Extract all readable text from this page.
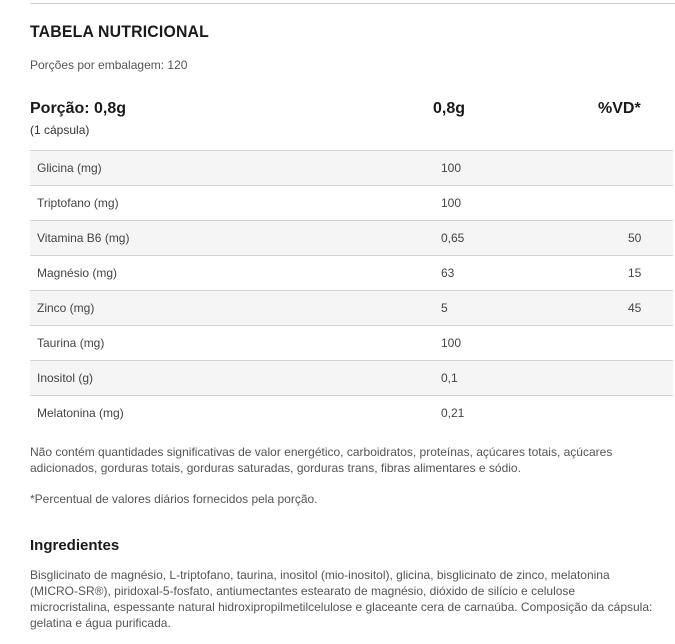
TABELA NUTRICIONAL
Porções por embalagem: 120
Porção: 0,8g
(1 cápsula)
0,8g	%VD*
Glicina (mg)	100
Triptofano (mg)	100
Vitamina B6 (mg)	0,65	50
Magnésio (mg)	63	15
Zinco (mg)	5	45
Taurina (mg)	100
Inositol (g)	0,1
Melatonina (mg)	0,21

Não contém quantidades significativas de valor energético, carboidratos, proteínas, açúcares totais, açúcares adicionados, gorduras totais, gorduras saturadas, gorduras trans, fibras alimentares e sódio.

*Percentual de valores diários fornecidos pela porção.

Ingredientes

Bisglicinato de magnésio, L-triptofano, taurina, inositol (mio-inositol), glicina, bisglicinato de zinco, melatonina (MICRO-SR®), piridoxal-5-fosfato, antiumectantes estearato de magnésio, dióxido de silício e celulose microcristalina, espessante natural hidroxipropilmetilcelulose e glaceante cera de carnaúba. Composição da cápsula: gelatina e água purificada.
